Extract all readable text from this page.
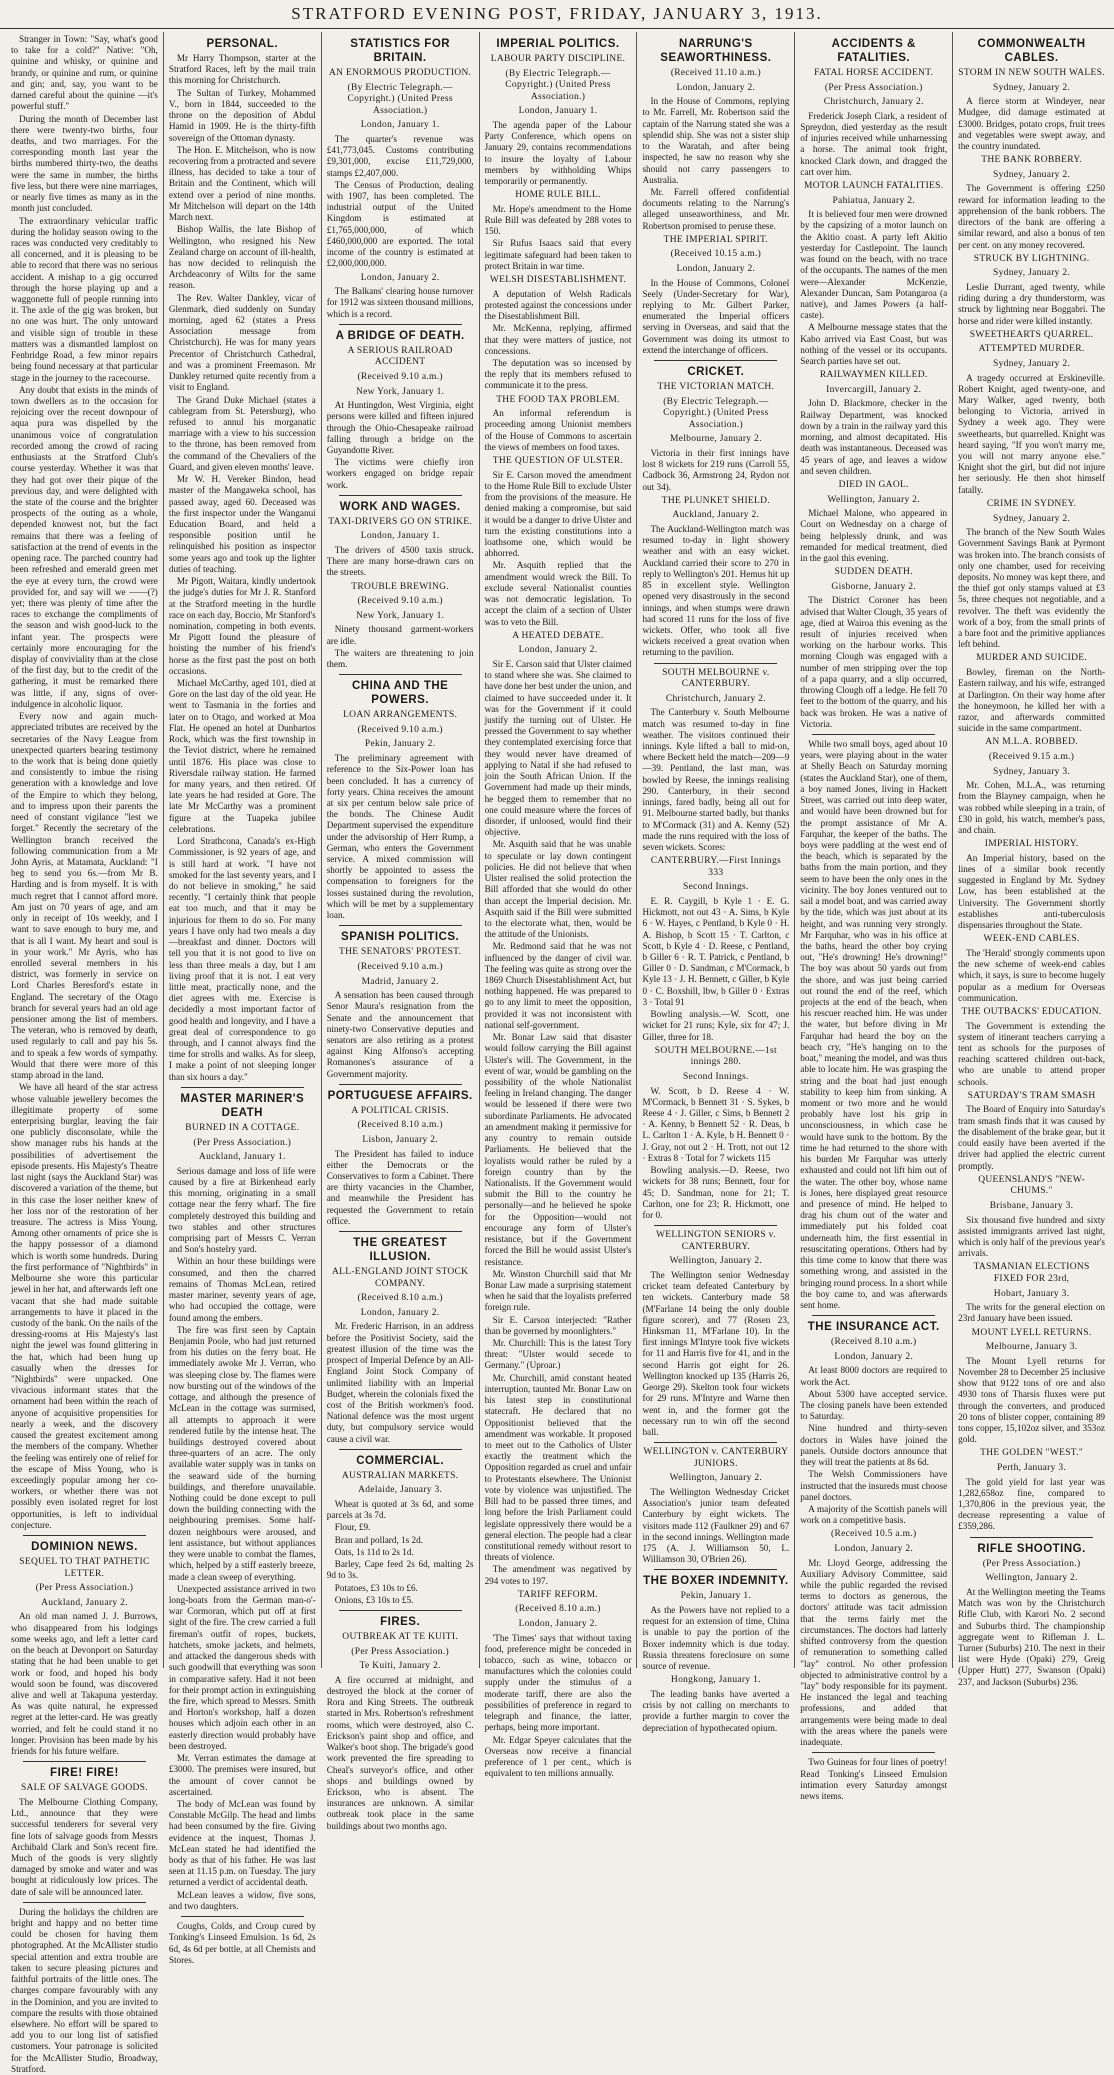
STRATFORD EVENING POST, FRIDAY, JANUARY 3, 1913.

Stranger in Town: "Say, what's good to take for a cold?" Native: "Oh, quinine and whisky, or quinine and brandy, or quinine and rum, or quinine and gin; and, say, you want to be darned careful about the quinine —it's powerful stuff."

During the month of December last there were twenty-two births, four deaths, and two marriages. For the corresponding month last year the births numbered thirty-two, the deaths were the same in number, the births five less, but there were nine marriages, or nearly five times as many as in the month just concluded.

The extraordinary vehicular traffic during the holiday season owing to the races was conducted very creditably to all concerned, and it is pleasing to be able to record that there was no serious accident. A mishap to a gig occurred through the horse playing up and a waggonette full of people running into it. The axle of the gig was broken, but no one was hurt. The only untoward and visible sign of trouble in these matters was a dismantled lamplost on Fenbridge Road, a few minor repairs being found necessary at that particular stage in the journey to the racecourse.

Any doubt that exists in the minds of town dwellers as to the occasion for rejoicing over the recent downpour of aqua pura was dispelled by the unanimous voice of congratulation recorded among the crowd of racing enthusiasts at the Stratford Club's course yesterday. Whether it was that they had got over their pique of the previous day, and were delighted with the state of the course and the brighter prospects of the outing as a whole, depended knowest not, but the fact remains that there was a feeling of satisfaction at the trend of events in the opening race. The parched country had been refreshed and emerald green met the eye at every turn, the crowd were provided for, and say will we ——(?) yet; there was plenty of time after the races to exchange the compliments of the season and wish good-luck to the infant year. The prospects were certainly more encouraging for the display of conviviality than at the close of the first day, but to the credit of the gathering, it must be remarked there was little, if any, signs of over-indulgence in alcoholic liquor.

Every now and again much-appreciated tributes are received by the secretaries of the Navy League from unexpected quarters bearing testimony to the work that is being done quietly and consistently to imbue the rising generation with a knowledge and love of the Empire to which they belong, and to impress upon their parents the need of constant vigilance "lest we forget." Recently the secretary of the Wellington branch received the following communication from a Mr John Ayris, at Matamata, Auckland: "I beg to send you 6s.—from Mr B. Harding and is from myself. It is with much regret that I cannot afford more. Am just on 70 years of age, and am only in receipt of 10s weekly, and I want to save enough to bury me, and that is all I want. My heart and soul is in your work." Mr Ayris, who has enrolled several members in his district, was formerly in service on Lord Charles Beresford's estate in England. The secretary of the Otago branch for several years had an old age pensioner among the list of members. The veteran, who is removed by death, used regularly to call and pay his 5s. and to speak a few words of sympathy. Would that there were more of this stamp abroad in the land.

We have all heard of the star actress whose valuable jewellery becomes the illegitimate property of some enterprising burglar, leaving the fair one publicly disconsolate, while the show manager rubs his hands at the possibilities of advertisement the episode presents. His Majesty's Theatre last night (says the Auckland Star) was discovered a variation of the theme, but in this case the loser neither knew of her loss nor of the restoration of her treasure. The actress is Miss Young. Among other ornaments of price she is the happy possessor of a diamond which is worth some hundreds. During the first performance of "Nightbirds" in Melbourne she wore this particular jewel in her hat, and afterwards left one vacant that she had made suitable arrangements to have it placed in the custody of the bank. On the nails of the dressing-rooms at His Majesty's last night the jewel was found glittering in the hat, which had been hung up casually when the dresses for "Nightbirds" were unpacked. One vivacious informant states that the ornament had been within the reach of anyone of acquisitive propensities for nearly a week, and the discovery caused the greatest excitement among the members of the company. Whether the feeling was entirely one of relief for the escape of Miss Young, who is exceedingly popular among her co-workers, or whether there was not possibly even isolated regret for lost opportunities, is left to individual conjecture.

DOMINION NEWS.
SEQUEL TO THAT PATHETIC LETTER.
(Per Press Association.)
Auckland, January 2.

An old man named J. J. Burrows, who disappeared from his lodgings some weeks ago, and left a letter card on the beach at Devonport on Saturday stating that he had been unable to get work or food, and hoped his body would soon be found, was discovered alive and well at Takapuna yesterday. As was quite natural, he expressed regret at the letter-card. He was greatly worried, and felt he could stand it no longer. Provision has been made by his friends for his future welfare.

FIRE! FIRE!
SALE OF SALVAGE GOODS.

The Melbourne Clothing Company, Ltd., announce that they were successful tenderers for several very fine lots of salvage goods from Messrs Archibald Clark and Son's recent fire. Much of the goods is very slightly damaged by smoke and water and was bought at ridiculously low prices. The date of sale will be announced later.

During the holidays the children are bright and happy and no better time could be chosen for having them photographed. At the McAllister studio special attention and extra trouble are taken to secure pleasing pictures and faithful portraits of the little ones. The charges compare favourably with any in the Dominion, and you are invited to compare the results with those obtained elsewhere. No effort will be spared to add you to our long list of satisfied customers. Your patronage is solicited for the McAllister Studio, Broadway, Stratford.

PERSONAL.

Mr Harry Thompson, starter at the Stratford Races, left by the mail train this morning for Christchurch.

The Sultan of Turkey, Mohammed V., born in 1844, succeeded to the throne on the deposition of Abdul Hamid in 1909. He is the thirty-fifth sovereign of the Ottoman dynasty.

The Hon. E. Mitchelson, who is now recovering from a protracted and severe illness, has decided to take a tour of Britain and the Continent, which will extend over a period of nine months. Mr Mitchelson will depart on the 14th March next.

Bishop Wallis, the late Bishop of Wellington, who resigned his New Zealand charge on account of ill-health, has now decided to relinquish the Archdeaconry of Wilts for the same reason.

The Rev. Walter Dankley, vicar of Glenmark, died suddenly on Sunday morning, aged 62 (states a Press Association message from Christchurch). He was for many years Precentor of Christchurch Cathedral, and was a prominent Freemason. Mr Dankley returned quite recently from a visit to England.

The Grand Duke Michael (states a cablegram from St. Petersburg), who refused to annul his morganatic marriage with a view to his succession to the throne, has been removed from the command of the Chevaliers of the Guard, and given eleven months' leave.

Mr W. H. Vereker Bindon, head master of the Mangaweka school, has passed away, aged 60. Deceased was the first inspector under the Wanganui Education Board, and held a responsible position until he relinquished his position as inspector some years ago and took up the lighter duties of teaching.

Mr Pigott, Waitara, kindly undertook the judge's duties for Mr J. R. Stanford at the Stratford meeting in the hurdle race on each day, Boccio, Mr Stanford's nomination, competing in both events. Mr Pigott found the pleasure of hoisting the number of his friend's horse as the first past the post on both occasions.

Michael McCarthy, aged 101, died at Gore on the last day of the old year. He went to Tasmania in the forties and later on to Otago, and worked at Moa Flat. He opened an hotel at Dunbartos Rock, which was the first township in the Teviot district, where he remained until 1876. His place was close to Riversdale railway station. He farmed for many years, and then retired. Of late years he had resided at Gore. The late Mr McCarthy was a prominent figure at the Tuapeka jubilee celebrations.

Lord Strathcona, Canada's ex-High Commissioner, is 92 years of age, and is still hard at work. "I have not smoked for the last seventy years, and I do not believe in smoking," he said recently. "I certainly think that people eat too much, and that it may be injurious for them to do so. For many years I have only had two meals a day—breakfast and dinner. Doctors will tell you that it is not good to live on less than three meals a day, but I am living proof that it is not. I eat very little meat, practically none, and the diet agrees with me. Exercise is decidedly a most important factor of good health and longevity, and I have a great deal of correspondence to go through, and I cannot always find the time for strolls and walks. As for sleep, I make a point of not sleeping longer than six hours a day."

MASTER MARINER'S DEATH
BURNED IN A COTTAGE.
(Per Press Association.)
Auckland, January 1.

Serious damage and loss of life were caused by a fire at Birkenhead early this morning, originating in a small cottage near the ferry wharf. The fire completely destroyed this building and two stables and other structures comprising part of Messrs C. Verran and Son's hostelry yard.

Within an hour these buildings were consumed, and then the charred remains of Thomas McLean, retired master mariner, seventy years of age, who had occupied the cottage, were found among the embers.

The fire was first seen by Captain Benjamin Poole, who had just returned from his duties on the ferry boat. He immediately awoke Mr J. Verran, who was sleeping close by. The flames were now bursting out of the windows of the cottage, and although the presence of McLean in the cottage was surmised, all attempts to approach it were rendered futile by the intense heat. The buildings destroyed covered about three-quarters of an acre. The only available water supply was in tanks on the seaward side of the burning buildings, and therefore unavailable. Nothing could be done except to pull down the building connecting with the neighbouring premises. Some half-dozen neighbours were aroused, and lent assistance, but without appliances they were unable to combat the flames, which, helped by a stiff easterly breeze, made a clean sweep of everything.

Unexpected assistance arrived in two long-boats from the German man-o'-war Cormoran, which put off at first sight of the fire. The crew carried a full fireman's outfit of ropes, buckets, hatchets, smoke jackets, and helmets, and attacked the dangerous sheds with such goodwill that everything was soon in comparative safety. Had it not been for their prompt action in extinguishing the fire, which spread to Messrs. Smith and Horton's workshop, half a dozen houses which adjoin each other in an easterly direction would probably have been destroyed.

Mr. Verran estimates the damage at £3000. The premises were insured, but the amount of cover cannot be ascertained.

The body of McLean was found by Constable McGilp. The head and limbs had been consumed by the fire. Giving evidence at the inquest, Thomas J. McLean stated he had identified the body as that of his father. He was last seen at 11.15 p.m. on Tuesday. The jury returned a verdict of accidental death.

McLean leaves a widow, five sons, and two daughters.

Coughs, Colds, and Croup cured by Tonking's Linseed Emulsion. 1s 6d, 2s 6d, 4s 6d per bottle, at all Chemists and Stores.

STATISTICS FOR BRITAIN.
AN ENORMOUS PRODUCTION.
(By Electric Telegraph.—Copyright.) (United Press Association.)
London, January 1.

The quarter's revenue was £41,773,045. Customs contributing £9,301,000, excise £11,729,000, stamps £2,407,000.

The Census of Production, dealing with 1907, has been completed. The industrial output of the United Kingdom is estimated at £1,765,000,000, of which £460,000,000 are exported. The total income of the country is estimated at £2,000,000,000.

London, January 2.

The Balkans' clearing house turnover for 1912 was sixteen thousand millions, which is a record.

A BRIDGE OF DEATH.
A SERIOUS RAILROAD ACCIDENT
(Received 9.10 a.m.)
New York, January 1.

At Huntingdon, West Virginia, eight persons were killed and fifteen injured through the Ohio-Chesapeake railroad falling through a bridge on the Guyandotte River.

The victims were chiefly iron workers engaged on bridge repair work.

WORK AND WAGES.
TAXI-DRIVERS GO ON STRIKE.
London, January 1.

The drivers of 4500 taxis struck. There are many horse-drawn cars on the streets.

TROUBLE BREWING.
(Received 9.10 a.m.)
New York, January 1.

Ninety thousand garment-workers are idle.

The waiters are threatening to join them.

CHINA AND THE POWERS.
LOAN ARRANGEMENTS.
(Received 9.10 a.m.)
Pekin, January 2.

The preliminary agreement with reference to the Six-Power loan has been concluded. It has a currency of forty years. China receives the amount at six per centum below sale price of the bonds. The Chinese Audit Department supervised the expenditure under the advisorship of Herr Rump, a German, who enters the Government service. A mixed commission will shortly be appointed to assess the compensation to foreigners for the losses sustained during the revolution, which will be met by a supplementary loan.

SPANISH POLITICS.
THE SENATORS' PROTEST.
(Received 9.10 a.m.)
Madrid, January 2.

A sensation has been caused through Senor Maura's resignation from the Senate and the announcement that ninety-two Conservative deputies and senators are also retiring as a protest against King Alfonso's accepting Romanones's assurance of a Government majority.

PORTUGUESE AFFAIRS.
A POLITICAL CRISIS.
(Received 8.10 a.m.)
Lisbon, January 2.

The President has failed to induce either the Democrats or the Conservatives to form a Cabinet. There are thirty vacancies in the Chamber, and meanwhile the President has requested the Government to retain office.

THE GREATEST ILLUSION.
ALL-ENGLAND JOINT STOCK COMPANY.
(Received 8.10 a.m.)
London, January 2.

Mr. Frederic Harrison, in an address before the Positivist Society, said the greatest illusion of the time was the prospect of Imperial Defence by an All-England Joint Stock Company of unlimited liability with an Imperial Budget, wherein the colonials fixed the cost of the British workmen's food. National defence was the most urgent duty, but compulsory service would cause a civil war.

COMMERCIAL.
AUSTRALIAN MARKETS.
Adelaide, January 3.

Wheat is quoted at 3s 6d, and some parcels at 3s 7d.

Flour, £9.

Bran and pollard, 1s 2d.

Oats, 1s 11d to 2s 1d.

Barley, Cape feed 2s 6d, malting 2s 9d to 3s.

Potatoes, £3 10s to £6.

Onions, £3 10s to £5.

FIRES.
OUTBREAK AT TE KUITI.
(Per Press Association.)
Te Kuiti, January 2.

A fire occurred at midnight, and destroyed the block at the corner of Rora and King Streets. The outbreak started in Mrs. Robertson's refreshment rooms, which were destroyed, also C. Erickson's paint shop and office, and Walker's boot shop. The brigade's good work prevented the fire spreading to Cheal's surveyor's office, and other shops and buildings owned by Erickson, who is absent. The insurances are unknown. A similar outbreak took place in the same buildings about two months ago.

IMPERIAL POLITICS.
LABOUR PARTY DISCIPLINE.
(By Electric Telegraph.—Copyright.) (United Press Association.)
London, January 1.

The agenda paper of the Labour Party Conference, which opens on January 29, contains recommendations to insure the loyalty of Labour members by withholding Whips temporarily or permanently.

HOME RULE BILL.

Mr. Hope's amendment to the Home Rule Bill was defeated by 288 votes to 150.

Sir Rufus Isaacs said that every legitimate safeguard had been taken to protect Britain in war time.

WELSH DISESTABLISHMENT.

A deputation of Welsh Radicals protested against the concessions under the Disestablishment Bill.

Mr. McKenna, replying, affirmed that they were matters of justice, not concessions.

The deputation was so incensed by the reply that its members refused to communicate it to the press.

THE FOOD TAX PROBLEM.

An informal referendum is proceeding among Unionist members of the House of Commons to ascertain the views of members on food taxes.

THE QUESTION OF ULSTER.

Sir E. Carson moved the amendment to the Home Rule Bill to exclude Ulster from the provisions of the measure. He denied making a compromise, but said it would be a danger to drive Ulster and turn the existing constitutions into a loathsome one, which would be abhorred.

Mr. Asquith replied that the amendment would wreck the Bill. To exclude several Nationalist counties was not democratic legislation. To accept the claim of a section of Ulster was to veto the Bill.

A HEATED DEBATE.
London, January 2.

Sir E. Carson said that Ulster claimed to stand where she was. She claimed to have done her best under the union, and claimed to have succeeded under it. It was for the Government if it could justify the turning out of Ulster. He pressed the Government to say whether they contemplated exercising force that they would never have dreamed of applying to Natal if she had refused to join the South African Union. If the Government had made up their minds, he begged them to remember that no one could measure where the forces of disorder, if unloosed, would find their objective.

Mr. Asquith said that he was unable to speculate or lay down contingent policies. He did not believe that when Ulster realised the solid protection the Bill afforded that she would do other than accept the Imperial decision. Mr. Asquith said if the Bill were submitted to the electorate what, then, would be the attitude of the Unionists.

Mr. Redmond said that he was not influenced by the danger of civil war. The feeling was quite as strong over the 1869 Church Disestablishment Act, but nothing happened. He was prepared to go to any limit to meet the opposition, provided it was not inconsistent with national self-government.

Mr. Bonar Law said that disaster would follow carrying the Bill against Ulster's will. The Government, in the event of war, would be gambling on the possibility of the whole Nationalist feeling in Ireland changing. The danger would be lessened if there were two subordinate Parliaments. He advocated an amendment making it permissive for any country to remain outside Parliaments. He believed that the loyalists would rather be ruled by a foreign country than by the Nationalists. If the Government would submit the Bill to the country he personally—and he believed he spoke for the Opposition—would not encourage any form of Ulster's resistance, but if the Government forced the Bill he would assist Ulster's resistance.

Mr. Winston Churchill said that Mr Bonar Law made a surprising statement when he said that the loyalists preferred foreign rule.

Sir E. Carson interjected: "Rather than be governed by moonlighters."

Mr. Churchill: This is the latest Tory threat: "Ulster would secede to Germany." (Uproar.)

Mr. Churchill, amid constant heated interruption, taunted Mr. Bonar Law on his latest step in constitutional statecraft. He declared that no Oppositionist believed that the amendment was workable. It proposed to meet out to the Catholics of Ulster exactly the treatment which the Opposition regarded as cruel and unfair to Protestants elsewhere. The Unionist vote by violence was unjustified. The Bill had to be passed three times, and long before the Irish Parliament could legislate oppressively there would be a general election. The people had a clear constitutional remedy without resort to threats of violence.

The amendment was negatived by 294 votes to 197.

TARIFF REFORM.
(Received 8.10 a.m.)
London, January 2.

'The Times' says that without taxing food, preference might be conceded in tobacco, such as wine, tobacco or manufactures which the colonies could supply under the stimulus of a moderate tariff, there are also the possibilities of preference in regard to telegraph and finance, the latter, perhaps, being more important.

Mr. Edgar Speyer calculates that the Overseas now receive a financial preference of 1 per cent., which is equivalent to ten millions annually.

NARRUNG'S SEAWORTHINESS.
(Received 11.10 a.m.)
London, January 2.

In the House of Commons, replying to Mr. Farrell, Mr. Robertson said the captain of the Narrung stated she was a splendid ship. She was not a sister ship to the Waratah, and after being inspected, he saw no reason why she should not carry passengers to Australia.

Mr. Farrell offered confidential documents relating to the Narrung's alleged unseaworthiness, and Mr. Robertson promised to peruse these.

THE IMPERIAL SPIRIT.
(Received 10.15 a.m.)
London, January 2.

In the House of Commons, Colonel Seely (Under-Secretary for War), replying to Mr. Gilbert Parker, enumerated the Imperial officers serving in Overseas, and said that the Government was doing its utmost to extend the interchange of officers.

CRICKET.
THE VICTORIAN MATCH.
(By Electric Telegraph.—Copyright.) (United Press Association.)
Melbourne, January 2.

Victoria in their first innings have lost 8 wickets for 219 runs (Carroll 55, Cadbock 36, Armstrong 24, Rydon not out 34).

THE PLUNKET SHIELD.
Auckland, January 2.

The Auckland-Wellington match was resumed to-day in light showery weather and with an easy wicket. Auckland carried their score to 270 in reply to Wellington's 201. Hemus hit up 85 in excellent style. Wellington opened very disastrously in the second innings, and when stumps were drawn had scored 11 runs for the loss of five wickets. Offer, who took all five wickets received a great ovation when returning to the pavilion.

SOUTH MELBOURNE v. CANTERBURY.
Christchurch, January 2.

The Canterbury v. South Melbourne match was resumed to-day in fine weather. The visitors continued their innings. Kyle lifted a ball to mid-on, where Beckett held the match—209—9—39. Pentland, the last man, was bowled by Reese, the innings realising 290. Canterbury, in their second innings, fared badly, being all out for 91. Melbourne started badly, but thanks to M'Cormack (31) and A. Kenny (52) made the runs required with the loss of seven wickets. Scores:

CANTERBURY.—First Innings 333
Second Innings.

E. R. Caygill, b Kyle 1 · E. G. Hickmott, not out 43 · A. Sims, b Kyle 6 · W. Hayes, c Pentland, b Kyle 0 · H. A. Bishop, b Scott 15 · T. Carlton, c Scott, b Kyle 4 · D. Reese, c Pentland, b Giller 6 · R. T. Patrick, c Pentland, b Giller 0 · D. Sandman, c M'Cormack, b Kyle 13 · J. H. Bennett, c Giller, b Kyle 0 · C. Boxshill, lbw, b Giller 0 · Extras 3 · Total 91

Bowling analysis.—W. Scott, one wicket for 21 runs; Kyle, six for 47; J. Giller, three for 18.

SOUTH MELBOURNE.—1st innings 280.
Second Innings.

W. Scott, b D. Reese 4 · W. M'Cormack, b Bennett 31 · S. Sykes, b Reese 4 · J. Giller, c Sims, b Bennett 2 · A. Kenny, b Bennett 52 · R. Deas, b L. Carlton 1 · A. Kyle, b H. Bennett 0 · J. Gray, not out 2 · H. Trott, not out 12 · Extras 8 · Total for 7 wickets 115

Bowling analysis.—D. Reese, two wickets for 38 runs; Bennett, four for 45; D. Sandman, none for 21; T. Carlton, one for 23; R. Hickmott, one for 0.

WELLINGTON SENIORS v. CANTERBURY.
Wellington, January 2.

The Wellington senior Wednesday cricket team defeated Canterbury by ten wickets. Canterbury made 58 (M'Farlane 14 being the only double figure scorer), and 77 (Rosen 23, Hinksman 11, M'Farlane 10). In the first innings M'Intyre took five wickets for 11 and Harris five for 41, and in the second Harris got eight for 26. Wellington knocked up 135 (Harris 26, George 29). Skelton took four wickets for 29 runs. M'Intyre and Warne then went in, and the former got the necessary run to win off the second ball.

WELLINGTON v. CANTERBURY JUNIORS.
Wellington, January 2.

The Wellington Wednesday Cricket Association's junior team defeated Canterbury by eight wickets. The visitors made 112 (Faulkner 29) and 67 in the second innings. Wellington made 175 (A. J. Williamson 50, L. Williamson 30, O'Brien 26).

THE BOXER INDEMNITY.
Pekin, January 1.

As the Powers have not replied to a request for an extension of time, China is unable to pay the portion of the Boxer indemnity which is due today. Russia threatens foreclosure on some source of revenue.

Hongkong, January 1.

The leading banks have averted a crisis by not calling on merchants to provide a further margin to cover the depreciation of hypothecated opium.

ACCIDENTS & FATALITIES.
FATAL HORSE ACCIDENT.
(Per Press Association.)
Christchurch, January 2.

Frederick Joseph Clark, a resident of Spreydon, died yesterday as the result of injuries received while unharnessing a horse. The animal took fright, knocked Clark down, and dragged the cart over him.

MOTOR LAUNCH FATALITIES.
Pahiatua, January 2.

It is believed four men were drowned by the capsizing of a motor launch on the Akitio coast. A party left Akitio yesterday for Castlepoint. The launch was found on the beach, with no trace of the occupants. The names of the men were—Alexander McKenzie, Alexander Duncan, Sam Potangaroa (a native), and James Powers (a half-caste).

A Melbourne message states that the Kabo arrived via East Coast, but was nothing of the vessel or its occupants. Search parties have set out.

RAILWAYMEN KILLED.
Invercargill, January 2.

John D. Blackmore, checker in the Railway Department, was knocked down by a train in the railway yard this morning, and almost decapitated. His death was instantaneous. Deceased was 45 years of age, and leaves a widow and seven children.

DIED IN GAOL.
Wellington, January 2.

Michael Malone, who appeared in Court on Wednesday on a charge of being helplessly drunk, and was remanded for medical treatment, died in the gaol this evening.

SUDDEN DEATH.
Gisborne, January 2.

The District Coroner has been advised that Walter Clough, 35 years of age, died at Wairoa this evening as the result of injuries received when working on the harbour works. This morning Clough was engaged with a number of men stripping over the top of a papa quarry, and a slip occurred, throwing Clough off a ledge. He fell 70 feet to the bottom of the quarry, and his back was broken. He was a native of Victoria.

While two small boys, aged about 10 years, were playing about in the water at Shelly Beach on Saturday morning (states the Auckland Star), one of them, a boy named Jones, living in Hackett Street, was carried out into deep water, and would have been drowned but for the prompt assistance of Mr A. Farquhar, the keeper of the baths. The boys were paddling at the west end of the beach, which is separated by the baths from the main portion, and they seem to have been the only ones in the vicinity. The boy Jones ventured out to sail a model boat, and was carried away by the tide, which was just about at its height, and was running very strongly. Mr Farquhar, who was in his office at the baths, heard the other boy crying out, "He's drowning! He's drowning!" The boy was about 50 yards out from the shore, and was just being carried out round the end of the reef, which projects at the end of the beach, when his rescuer reached him. He was under the water, but before diving in Mr Farquhar had heard the boy on the beach cry, "He's hanging on to the boat," meaning the model, and was thus able to locate him. He was grasping the string and the boat had just enough stability to keep him from sinking. A moment or two more and he would probably have lost his grip in unconsciousness, in which case he would have sunk to the bottom. By the time he had returned to the shore with his burden Mr Farquhar was utterly exhausted and could not lift him out of the water. The other boy, whose name is Jones, here displayed great resource and presence of mind. He helped to drag his chum out of the water and immediately put his folded coat underneath him, the first essential in resuscitating operations. Others had by this time come to know that there was something wrong, and assisted in the bringing round process. In a short while the boy came to, and was afterwards sent home.

THE INSURANCE ACT.
(Received 8.10 a.m.)
London, January 2.

At least 8000 doctors are required to work the Act.

About 5300 have accepted service. The closing panels have been extended to Saturday.

Nine hundred and thirty-seven doctors in Wales have joined the panels. Outside doctors announce that they will treat the patients at 8s 6d.

The Welsh Commissioners have instructed that the insureds must choose panel doctors.

A majority of the Scottish panels will work on a competitive basis.

(Received 10.5 a.m.)
London, January 2.

Mr. Lloyd George, addressing the Auxiliary Advisory Committee, said while the public regarded the revised terms to doctors as generous, the doctors' attitude was tacit admission that the terms fairly met the circumstances. The doctors had latterly shifted controversy from the question of remuneration to something called "lay" control. No other profession objected to administrative control by a "lay" body responsible for its payment. He instanced the legal and teaching professions, and added that arrangements were being made to deal with the areas where the panels were inadequate.

Two Guineas for four lines of poetry! Read Tonking's Linseed Emulsion intimation every Saturday amongst news items.

COMMONWEALTH CABLES.
STORM IN NEW SOUTH WALES.
Sydney, January 2.

A fierce storm at Windeyer, near Mudgee, did damage estimated at £3000. Bridges, potato crops, fruit trees and vegetables were swept away, and the country inundated.

THE BANK ROBBERY.
Sydney, January 2.

The Government is offering £250 reward for information leading to the apprehension of the bank robbers. The directors of the bank are offering a similar reward, and also a bonus of ten per cent. on any money recovered.

STRUCK BY LIGHTNING.
Sydney, January 2.

Leslie Durrant, aged twenty, while riding during a dry thunderstorm, was struck by lightning near Boggabri. The horse and rider were killed instantly.

SWEETHEARTS QUARREL.
ATTEMPTED MURDER.
Sydney, January 2.

A tragedy occurred at Erskineville. Robert Knight, aged twenty-one, and Mary Walker, aged twenty, both belonging to Victoria, arrived in Sydney a week ago. They were sweethearts, but quarrelled. Knight was heard saying, "If you won't marry me, you will not marry anyone else." Knight shot the girl, but did not injure her seriously. He then shot himself fatally.

CRIME IN SYDNEY.
Sydney, January 2.

The branch of the New South Wales Government Savings Bank at Pyrmont was broken into. The branch consists of only one chamber, used for receiving deposits. No money was kept there, and the thief got only stamps valued at £3 5s, three cheques not negotiable, and a revolver. The theft was evidently the work of a boy, from the small prints of a bare foot and the primitive appliances left behind.

MURDER AND SUICIDE.

Bowley, fireman on the North-Eastern railway, and his wife, estranged at Darlington. On their way home after the honeymoon, he killed her with a razor, and afterwards committed suicide in the same compartment.

AN M.L.A. ROBBED.
(Received 9.15 a.m.)
Sydney, January 3.

Mr. Cohen, M.L.A., was returning from the Blayney campaign, when he was robbed while sleeping in a train, of £30 in gold, his watch, member's pass, and chain.

IMPERIAL HISTORY.

An Imperial history, based on the lines of a similar book recently suggested in England by Mr. Sydney Low, has been established at the University. The Government shortly establishes anti-tuberculosis dispensaries throughout the State.

WEEK-END CABLES.

The 'Herald' strongly comments upon the new scheme of week-end cables which, it says, is sure to become hugely popular as a medium for Overseas communication.

THE OUTBACKS' EDUCATION.

The Government is extending the system of itinerant teachers carrying a tent as schools for the purposes of reaching scattered children out-back, who are unable to attend proper schools.

SATURDAY'S TRAM SMASH

The Board of Enquiry into Saturday's tram smash finds that it was caused by the disablement of the brake gear, but it could easily have been averted if the driver had applied the electric current promptly.

QUEENSLAND'S "NEW-CHUMS."
Brisbane, January 3.

Six thousand five hundred and sixty assisted immigrants arrived last night, which is only half of the previous year's arrivals.

TASMANIAN ELECTIONS FIXED FOR 23rd,
Hobart, January 3.

The writs for the general election on 23rd January have been issued.

MOUNT LYELL RETURNS.
Melbourne, January 3.

The Mount Lyell returns for November 28 to December 25 inclusive show that 9122 tons of ore and also 4930 tons of Tharsis fluxes were put through the converters, and produced 20 tons of blister copper, containing 89 tons copper, 15,102oz silver, and 353oz gold.

THE GOLDEN "WEST."
Perth, January 3.

The gold yield for last year was 1,282,658oz fine, compared to 1,370,806 in the previous year, the decrease representing a value of £359,286.

RIFLE SHOOTING.
(Per Press Association.)
Wellington, January 2.

At the Wellington meeting the Teams Match was won by the Christchurch Rifle Club, with Karori No. 2 second and Suburbs third. The championship aggregate went to Rifleman J. L. Turner (Suburbs) 210. The next in their list were Hyde (Opaki) 279, Greig (Upper Hutt) 277, Swanson (Opaki) 237, and Jackson (Suburbs) 236.
